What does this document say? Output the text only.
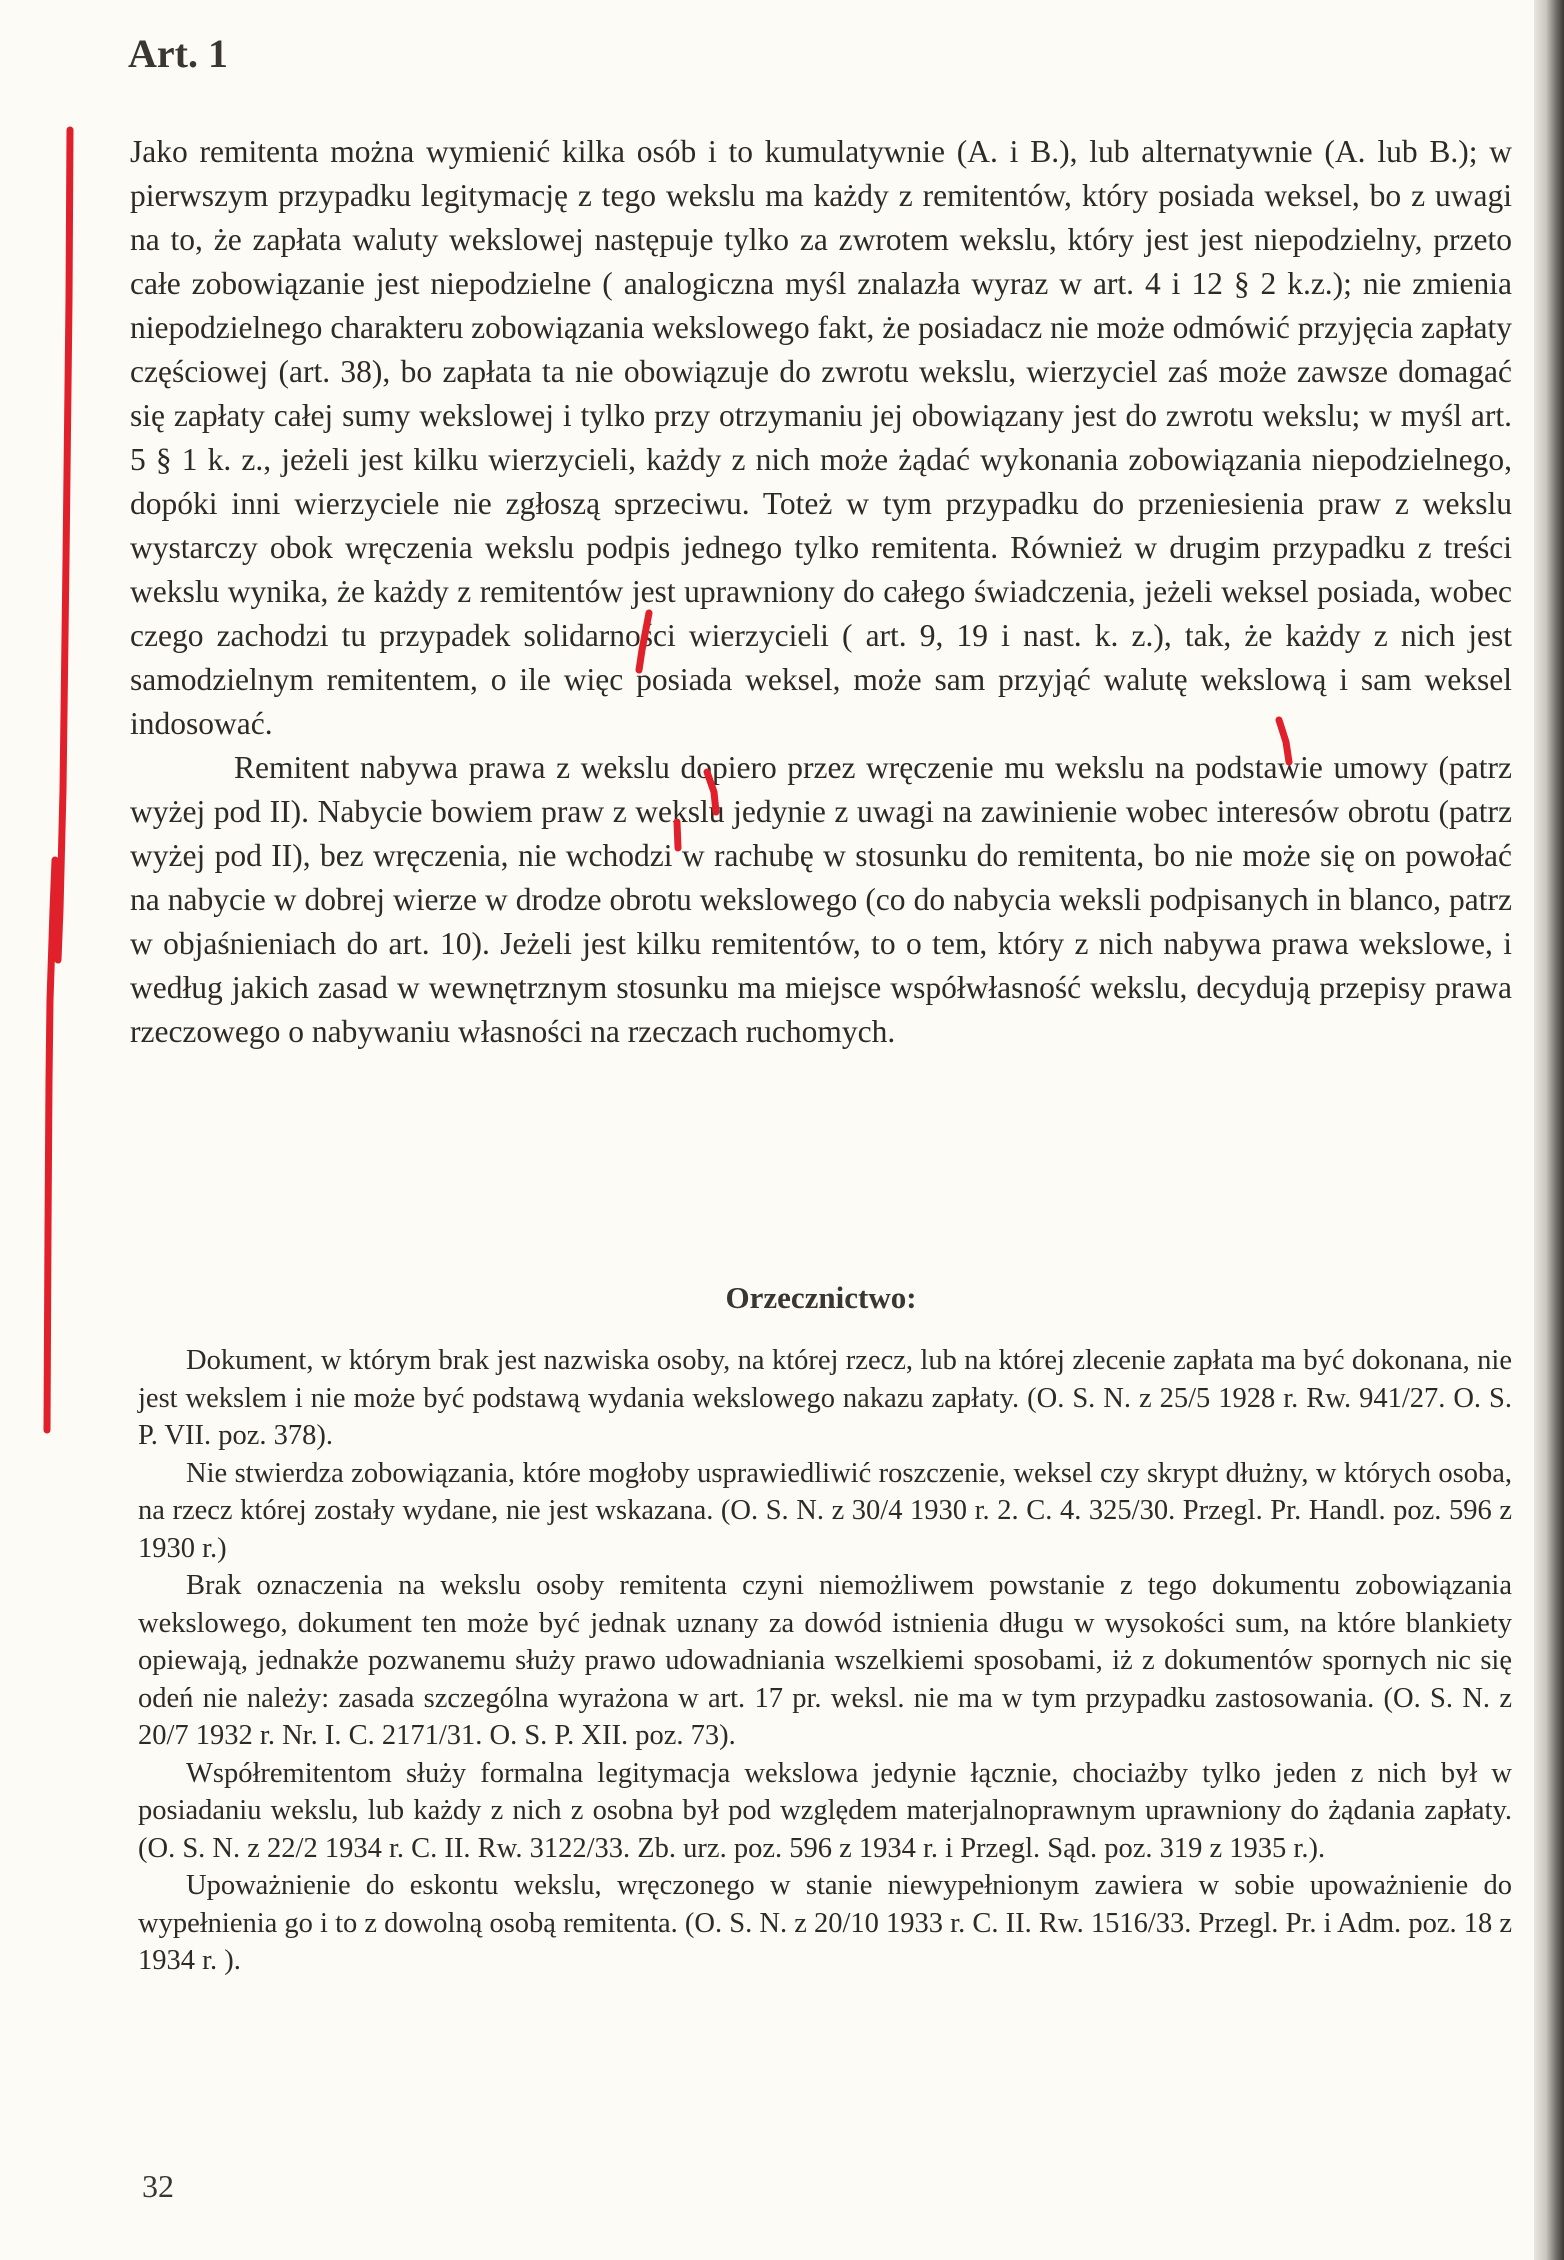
Art. 1

Jako remitenta można wymienić kilka osób i to kumulatywnie (A. i B.), lub alternatywnie (A. lub B.); w pierwszym przypadku legitymację z tego wekslu ma każdy z remitentów, który posiada weksel, bo z uwagi na to, że zapłata waluty wekslowej następuje tylko za zwrotem wekslu, który jest jest niepodzielny, przeto całe zobowiązanie jest niepodzielne ( analogiczna myśl znalazła wyraz w art. 4 i 12 § 2 k.z.); nie zmienia niepodzielnego charakteru zobowiązania wekslowego fakt, że posiadacz nie może odmówić przyjęcia zapłaty częściowej (art. 38), bo zapłata ta nie obowiązuje do zwrotu wekslu, wierzyciel zaś może zawsze domagać się zapłaty całej sumy wekslowej i tylko przy otrzymaniu jej obowiązany jest do zwrotu wekslu; w myśl art. 5 § 1 k. z., jeżeli jest kilku wierzycieli, każdy z nich może żądać wykonania zobowiązania niepodzielnego, dopóki inni wierzyciele nie zgłoszą sprzeciwu. Toteż w tym przypadku do przeniesienia praw z wekslu wystarczy obok wręczenia wekslu podpis jednego tylko remitenta. Również w drugim przypadku z treści wekslu wynika, że każdy z remitentów jest uprawniony do całego świadczenia, jeżeli weksel posiada, wobec czego zachodzi tu przypadek solidarności wierzycieli ( art. 9, 19 i nast. k. z.), tak, że każdy z nich jest samodzielnym remitentem, o ile więc posiada weksel, może sam przyjąć walutę wekslową i sam weksel indosować.

Remitent nabywa prawa z wekslu dopiero przez wręczenie mu wekslu na podstawie umowy (patrz wyżej pod II). Nabycie bowiem praw z wekslu jedynie z uwagi na zawinienie wobec interesów obrotu (patrz wyżej pod II), bez wręczenia, nie wchodzi w rachubę w stosunku do remitenta, bo nie może się on powołać na nabycie w dobrej wierze w drodze obrotu wekslowego (co do nabycia weksli podpisanych in blanco, patrz w objaśnieniach do art. 10). Jeżeli jest kilku remitentów, to o tem, który z nich nabywa prawa wekslowe, i według jakich zasad w wewnętrznym stosunku ma miejsce współwłasność wekslu, decydują przepisy prawa rzeczowego o nabywaniu własności na rzeczach ruchomych.

Orzecznictwo:

Dokument, w którym brak jest nazwiska osoby, na której rzecz, lub na której zlecenie zapłata ma być dokonana, nie jest wekslem i nie może być podstawą wydania wekslowego nakazu zapłaty. (O. S. N. z 25/5 1928 r. Rw. 941/27. O. S. P. VII. poz. 378).

Nie stwierdza zobowiązania, które mogłoby usprawiedliwić roszczenie, weksel czy skrypt dłużny, w których osoba, na rzecz której zostały wydane, nie jest wskazana. (O. S. N. z 30/4 1930 r. 2. C. 4. 325/30. Przegl. Pr. Handl. poz. 596 z 1930 r.)

Brak oznaczenia na wekslu osoby remitenta czyni niemożliwem powstanie z tego dokumentu zobowiązania wekslowego, dokument ten może być jednak uznany za dowód istnienia długu w wysokości sum, na które blankiety opiewają, jednakże pozwanemu służy prawo udowadniania wszelkiemi sposobami, iż z dokumentów spornych nic się odeń nie należy: zasada szczególna wyrażona w art. 17 pr. weksl. nie ma w tym przypadku zastosowania. (O. S. N. z 20/7 1932 r. Nr. I. C. 2171/31. O. S. P. XII. poz. 73).

Współremitentom służy formalna legitymacja wekslowa jedynie łącznie, chociażby tylko jeden z nich był w posiadaniu wekslu, lub każdy z nich z osobna był pod względem materjalnoprawnym uprawniony do żądania zapłaty. (O. S. N. z 22/2 1934 r. C. II. Rw. 3122/33. Zb. urz. poz. 596 z 1934 r. i Przegl. Sąd. poz. 319 z 1935 r.).

Upoważnienie do eskontu wekslu, wręczonego w stanie niewypełnionym zawiera w sobie upoważnienie do wypełnienia go i to z dowolną osobą remitenta. (O. S. N. z 20/10 1933 r. C. II. Rw. 1516/33. Przegl. Pr. i Adm. poz. 18 z 1934 r. ).

32
